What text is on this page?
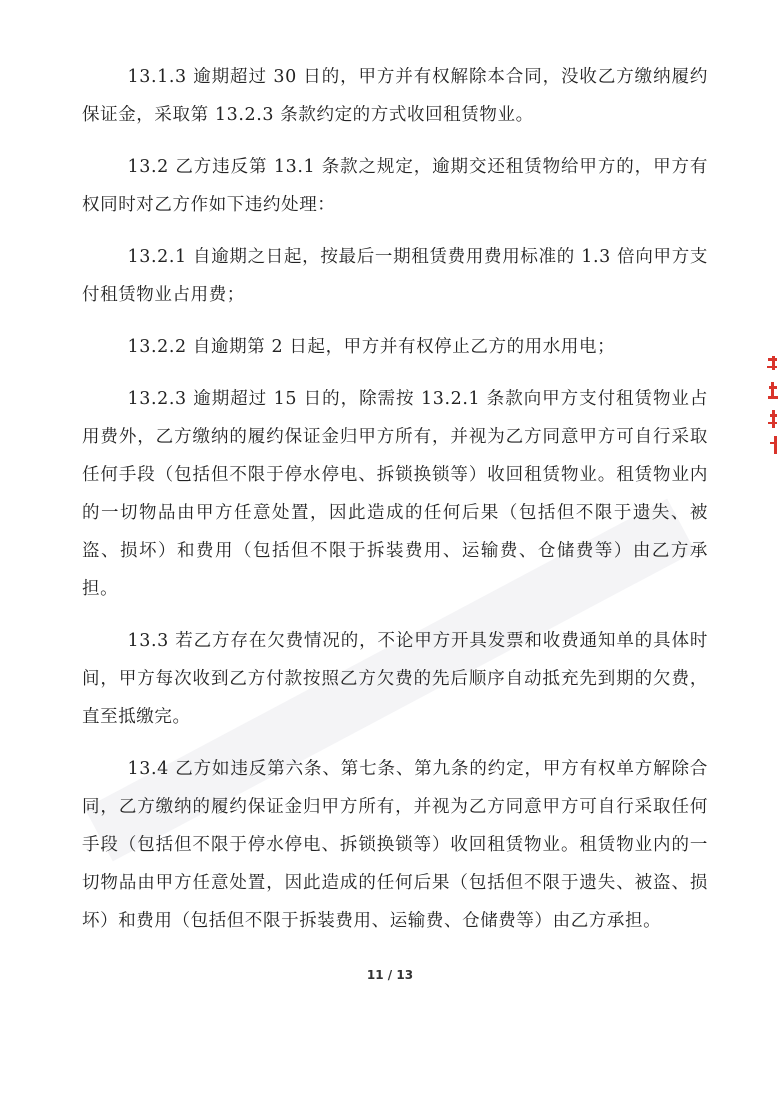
13.1.3 逾期超过 30 日的，甲方并有权解除本合同，没收乙方缴纳履约保证金，采取第 13.2.3 条款约定的方式收回租赁物业。

13.2 乙方违反第 13.1 条款之规定，逾期交还租赁物给甲方的，甲方有权同时对乙方作如下违约处理：

13.2.1 自逾期之日起，按最后一期租赁费用费用标准的 1.3 倍向甲方支付租赁物业占用费；

13.2.2 自逾期第 2 日起，甲方并有权停止乙方的用水用电；

13.2.3 逾期超过 15 日的，除需按 13.2.1 条款向甲方支付租赁物业占用费外，乙方缴纳的履约保证金归甲方所有，并视为乙方同意甲方可自行采取任何手段（包括但不限于停水停电、拆锁换锁等）收回租赁物业。租赁物业内的一切物品由甲方任意处置，因此造成的任何后果（包括但不限于遗失、被盗、损坏）和费用（包括但不限于拆装费用、运输费、仓储费等）由乙方承担。

13.3 若乙方存在欠费情况的，不论甲方开具发票和收费通知单的具体时间，甲方每次收到乙方付款按照乙方欠费的先后顺序自动抵充先到期的欠费，直至抵缴完。

13.4 乙方如违反第六条、第七条、第九条的约定，甲方有权单方解除合同，乙方缴纳的履约保证金归甲方所有，并视为乙方同意甲方可自行采取任何手段（包括但不限于停水停电、拆锁换锁等）收回租赁物业。租赁物业内的一切物品由甲方任意处置，因此造成的任何后果（包括但不限于遗失、被盗、损坏）和费用（包括但不限于拆装费用、运输费、仓储费等）由乙方承担。

11 / 13
